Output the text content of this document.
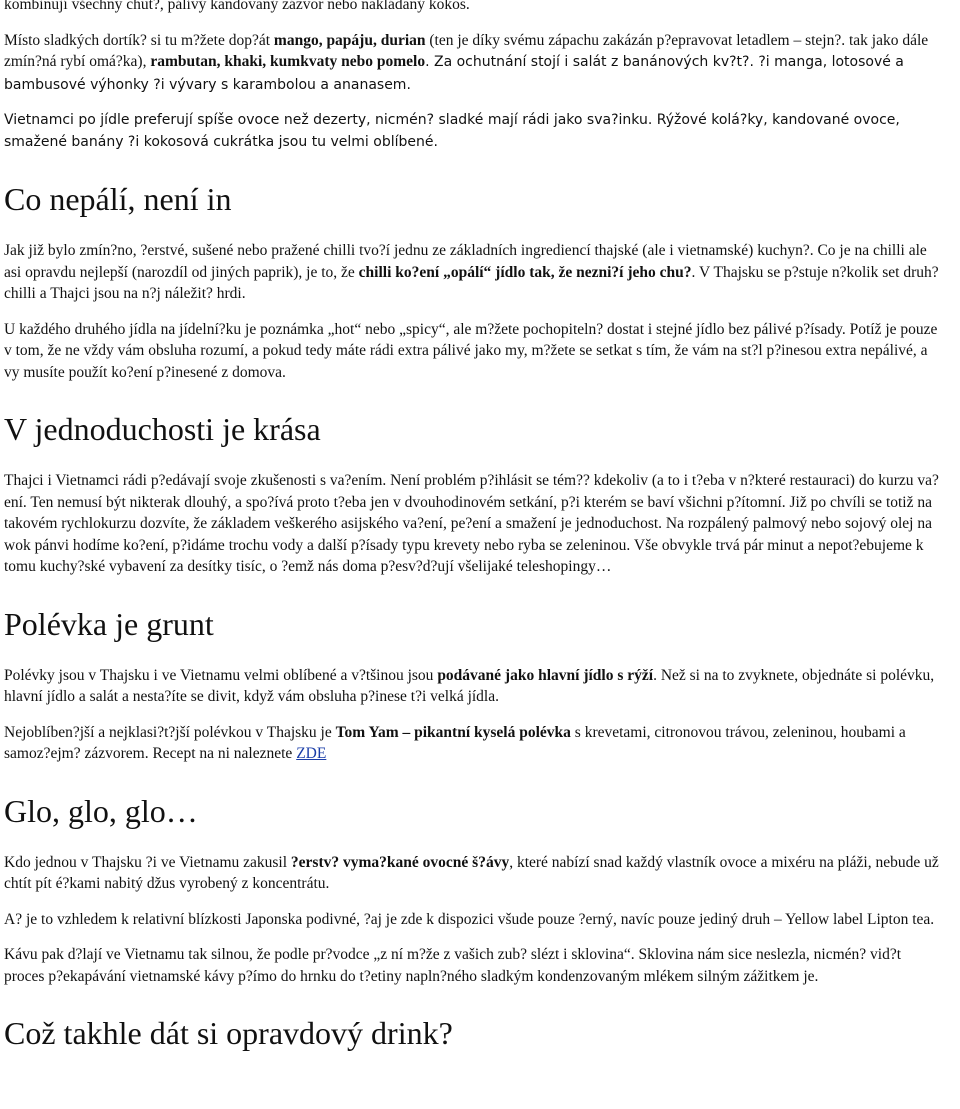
kombinují všechny chut?, pálivý kandovaný zázvor nebo nakládaný kokos.

Místo sladkých dortík? si tu m?žete dop?át mango, papáju, durian (ten je díky svému zápachu zakázán p?epravovat letadlem – stejn?. tak jako dále zmín?ná rybí omá?ka), rambutan, khaki, kumkvaty nebo pomelo. Za ochutnání stojí i salát z banánových kv?t?. ?i manga, lotosové a bambusové výhonky ?i vývary s karambolou a ananasem.

Vietnamci po jídle preferují spíše ovoce než dezerty, nicmén? sladké mají rádi jako sva?inku. Rýžové kolá?ky, kandované ovoce, smažené banány ?i kokosová cukrátka jsou tu velmi oblíbené.

Co nepálí, není in

Jak již bylo zmín?no, ?erstvé, sušené nebo pražené chilli tvo?í jednu ze základních ingrediencí thajské (ale i vietnamské) kuchyn?. Co je na chilli ale asi opravdu nejlepší (narozdíl od jiných paprik), je to, že chilli ko?ení „opálí“ jídlo tak, že nezni?í jeho chu?. V Thajsku se p?stuje n?kolik set druh? chilli a Thajci jsou na n?j náležit? hrdi.

U každého druhého jídla na jídelní?ku je poznámka „hot“ nebo „spicy“, ale m?žete pochopiteln? dostat i stejné jídlo bez pálivé p?ísady. Potíž je pouze v tom, že ne vždy vám obsluha rozumí, a pokud tedy máte rádi extra pálivé jako my, m?žete se setkat s tím, že vám na st?l p?inesou extra nepálivé, a vy musíte použít ko?ení p?inesené z domova.

V jednoduchosti je krása

Thajci i Vietnamci rádi p?edávají svoje zkušenosti s va?ením. Není problém p?ihlásit se tém?? kdekoliv (a to i t?eba v n?které restauraci) do kurzu va?ení. Ten nemusí být nikterak dlouhý, a spo?ívá proto t?eba jen v dvouhodinovém setkání, p?i kterém se baví všichni p?ítomní. Již po chvíli se totiž na takovém rychlokurzu dozvíte, že základem veškerého asijského va?ení, pe?ení a smažení je jednoduchost. Na rozpálený palmový nebo sojový olej na wok pánvi hodíme ko?ení, p?idáme trochu vody a další p?ísady typu krevety nebo ryba se zeleninou. Vše obvykle trvá pár minut a nepot?ebujeme k tomu kuchy?ské vybavení za desítky tisíc, o ?emž nás doma p?esv?d?ují všelijaké teleshopingy…

Polévka je grunt

Polévky jsou v Thajsku i ve Vietnamu velmi oblíbené a v?tšinou jsou podávané jako hlavní jídlo s rýží. Než si na to zvyknete, objednáte si polévku, hlavní jídlo a salát a nesta?íte se divit, když vám obsluha p?inese t?i velká jídla.

Nejoblíben?jší a nejklasi?t?jší polévkou v Thajsku je Tom Yam – pikantní kyselá polévka s krevetami, citronovou trávou, zeleninou, houbami a samoz?ejm? zázvorem. Recept na ni naleznete ZDE

Glo, glo, glo…

Kdo jednou v Thajsku ?i ve Vietnamu zakusil ?erstv? vyma?kané ovocné š?ávy, které nabízí snad každý vlastník ovoce a mixéru na pláži, nebude už chtít pít é?kami nabitý džus vyrobený z koncentrátu.

A? je to vzhledem k relativní blízkosti Japonska podivné, ?aj je zde k dispozici všude pouze ?erný, navíc pouze jediný druh – Yellow label Lipton tea.

Kávu pak d?lají ve Vietnamu tak silnou, že podle pr?vodce „z ní m?že z vašich zub? slézt i sklovina“. Sklovina nám sice neslezla, nicmén? vid?t proces p?ekapávání vietnamské kávy p?ímo do hrnku do t?etiny napln?ného sladkým kondenzovaným mlékem silným zážitkem je.

Což takhle dát si opravdový drink?
